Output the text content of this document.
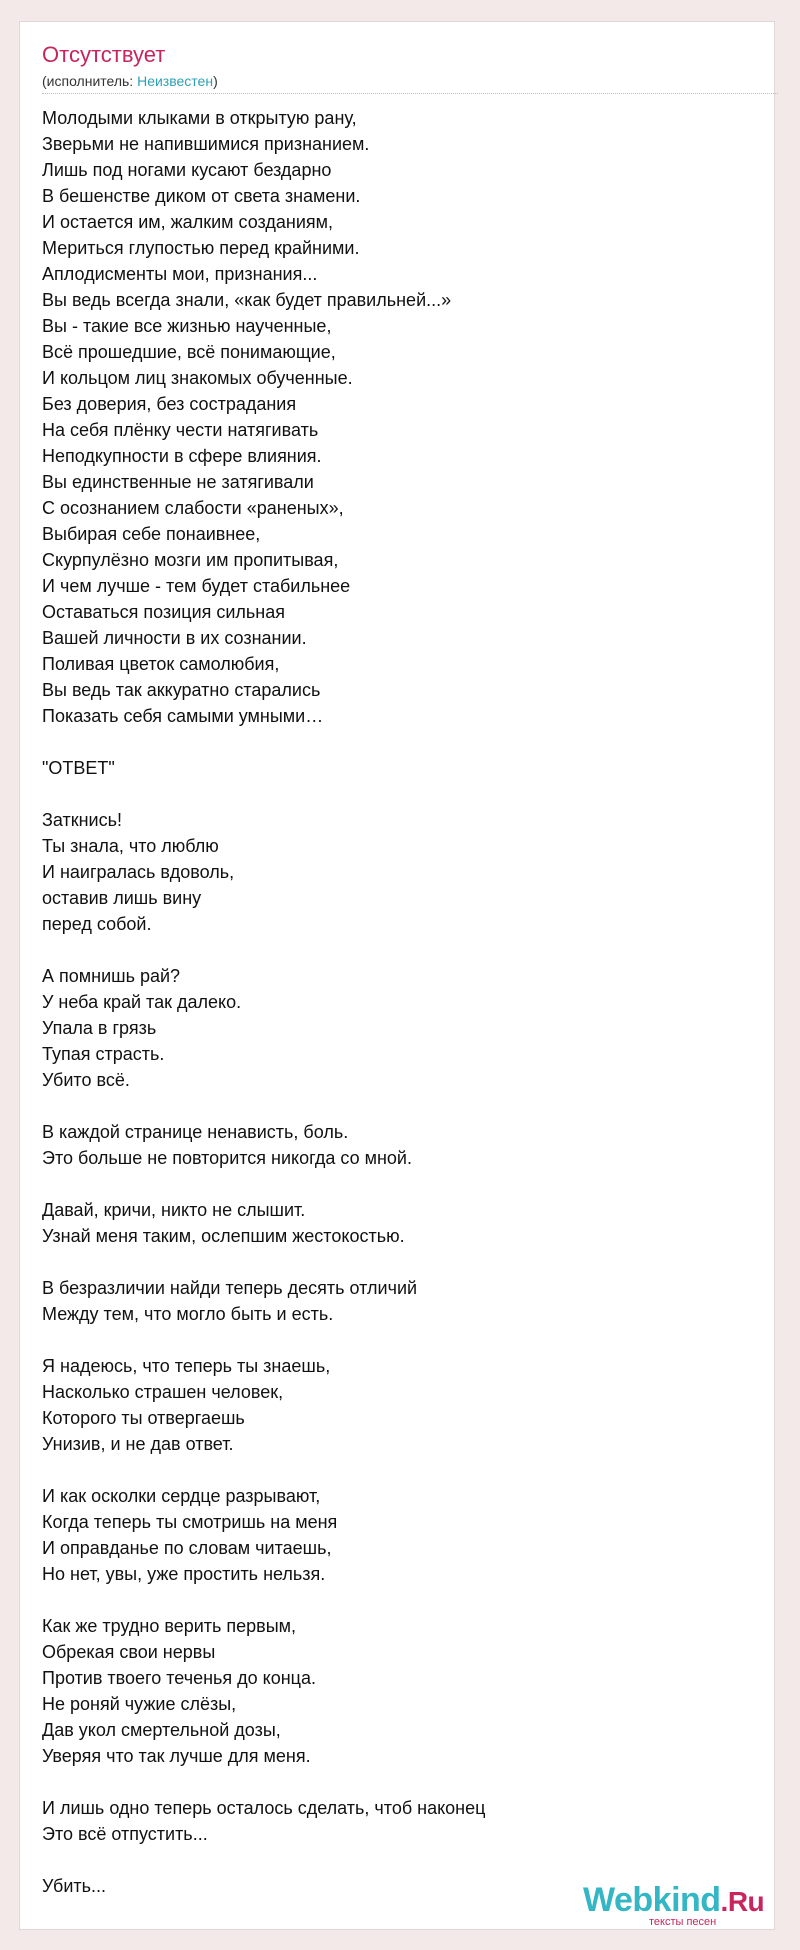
Отсутствует
(исполнитель: Неизвестен)
Молодыми клыками в открытую рану,
Зверьми не напившимися признанием.
Лишь под ногами кусают бездарно
В бешенстве диком от света знамени.
И остается им, жалким созданиям,
Мериться глупостью перед крайними.
Аплодисменты мои, признания...
Вы ведь всегда знали, «как будет правильней...»
Вы - такие все жизнью наученные,
Всё прошедшие, всё понимающие,
И кольцом лиц знакомых обученные.
Без доверия, без сострадания
На себя плёнку чести натягивать
Неподкупности в сфере влияния.
Вы единственные не затягивали
С осознанием слабости «раненых»,
Выбирая себе понаивнее,
Скурпулёзно мозги им пропитывая,
И чем лучше - тем будет стабильнее
Оставаться позиция сильная
Вашей личности в их сознании.
Поливая цветок самолюбия,
Вы ведь так аккуратно старались
Показать себя самыми умными…
"ОТВЕТ"
Заткнись!
Ты знала, что люблю
И наигралась вдоволь,
оставив лишь вину
перед собой.
А помнишь рай?
У неба край так далеко.
Упала в грязь
Тупая страсть.
Убито всё.
В каждой странице ненависть, боль.
Это больше не повторится никогда со мной.
Давай, кричи, никто не слышит.
Узнай меня таким, ослепшим жестокостью.
В безразличии найди теперь десять отличий
Между тем, что могло быть и есть.
Я надеюсь, что теперь ты знаешь,
Насколько страшен человек,
Которого ты отвергаешь
Унизив, и не дав ответ.
И как осколки сердце разрывают,
Когда теперь ты смотришь на меня
И оправданье по словам читаешь,
Но нет, увы, уже простить нельзя.
Как же трудно верить первым,
Обрекая свои нервы
Против твоего теченья до конца.
Не роняй чужие слёзы,
Дав укол смертельной дозы,
Уверяя что так лучше для меня.
И лишь одно теперь осталось сделать, чтоб наконец
Это всё отпустить...
Убить...	Webkind.Ru
тексты песен
